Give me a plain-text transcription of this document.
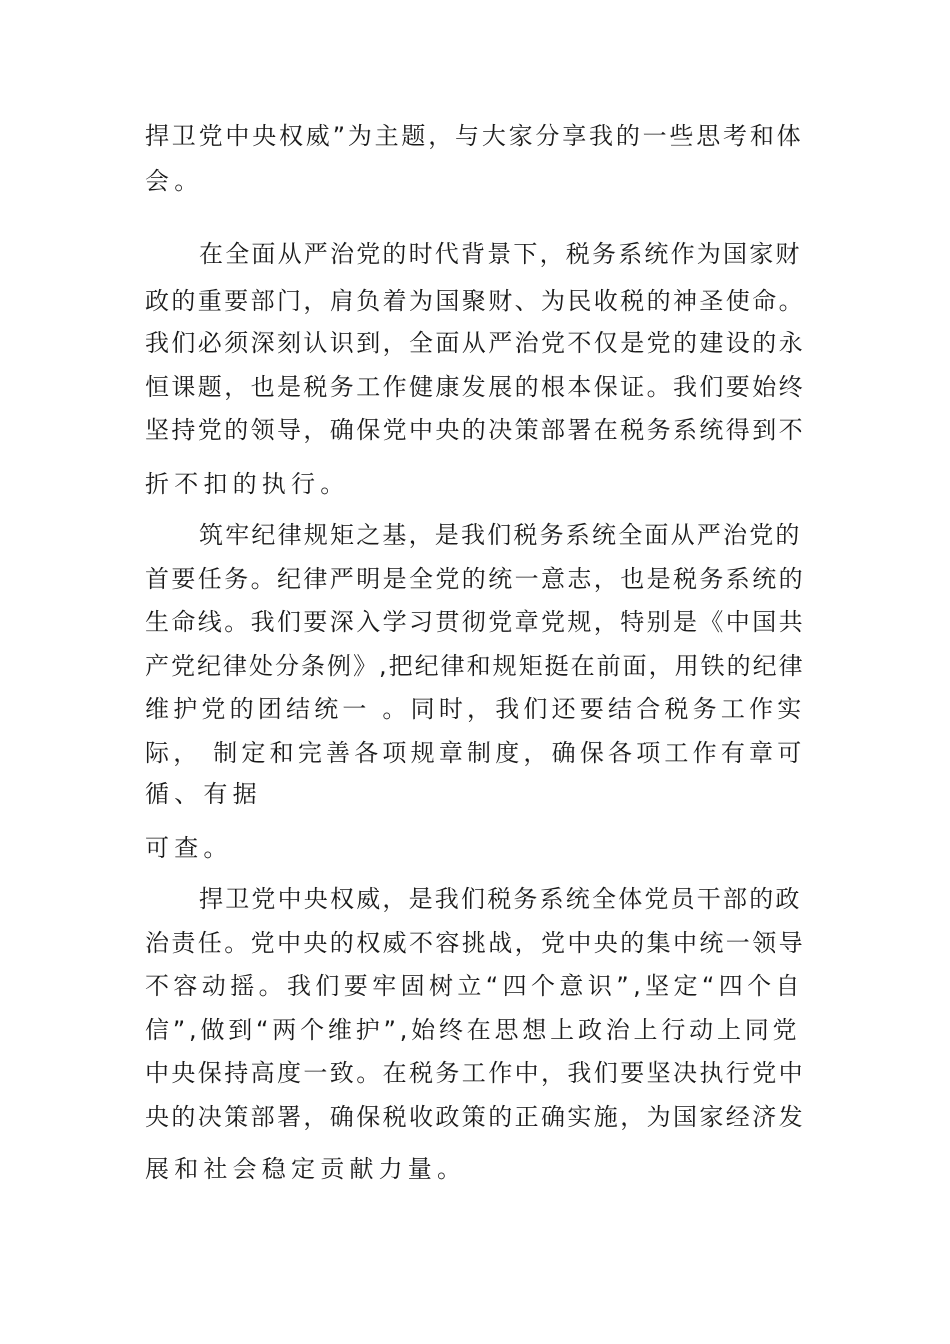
捍卫党中央权威”为主题，与大家分享我的一些思考和体
会。
在全面从严治党的时代背景下，税务系统作为国家财
政的重要部门，肩负着为国聚财、为民收税的神圣使命。
我们必须深刻认识到，全面从严治党不仅是党的建设的永
恒课题，也是税务工作健康发展的根本保证。我们要始终
坚持党的领导，确保党中央的决策部署在税务系统得到不
折不扣的执行。
筑牢纪律规矩之基，是我们税务系统全面从严治党的
首要任务。纪律严明是全党的统一意志，也是税务系统的
生命线。我们要深入学习贯彻党章党规，特别是《中国共
产党纪律处分条例》,把纪律和规矩挺在前面，用铁的纪律
维护党的团结统一 。同时，我们还要结合税务工作实
际， 制定和完善各项规章制度，确保各项工作有章可
循、有据
可查。
捍卫党中央权威，是我们税务系统全体党员干部的政
治责任。党中央的权威不容挑战，党中央的集中统一领导
不容动摇。我们要牢固树立“四个意识”,坚定“四个自
信”,做到“两个维护”,始终在思想上政治上行动上同党
中央保持高度一致。在税务工作中，我们要坚决执行党中
央的决策部署，确保税收政策的正确实施，为国家经济发
展和社会稳定贡献力量。
